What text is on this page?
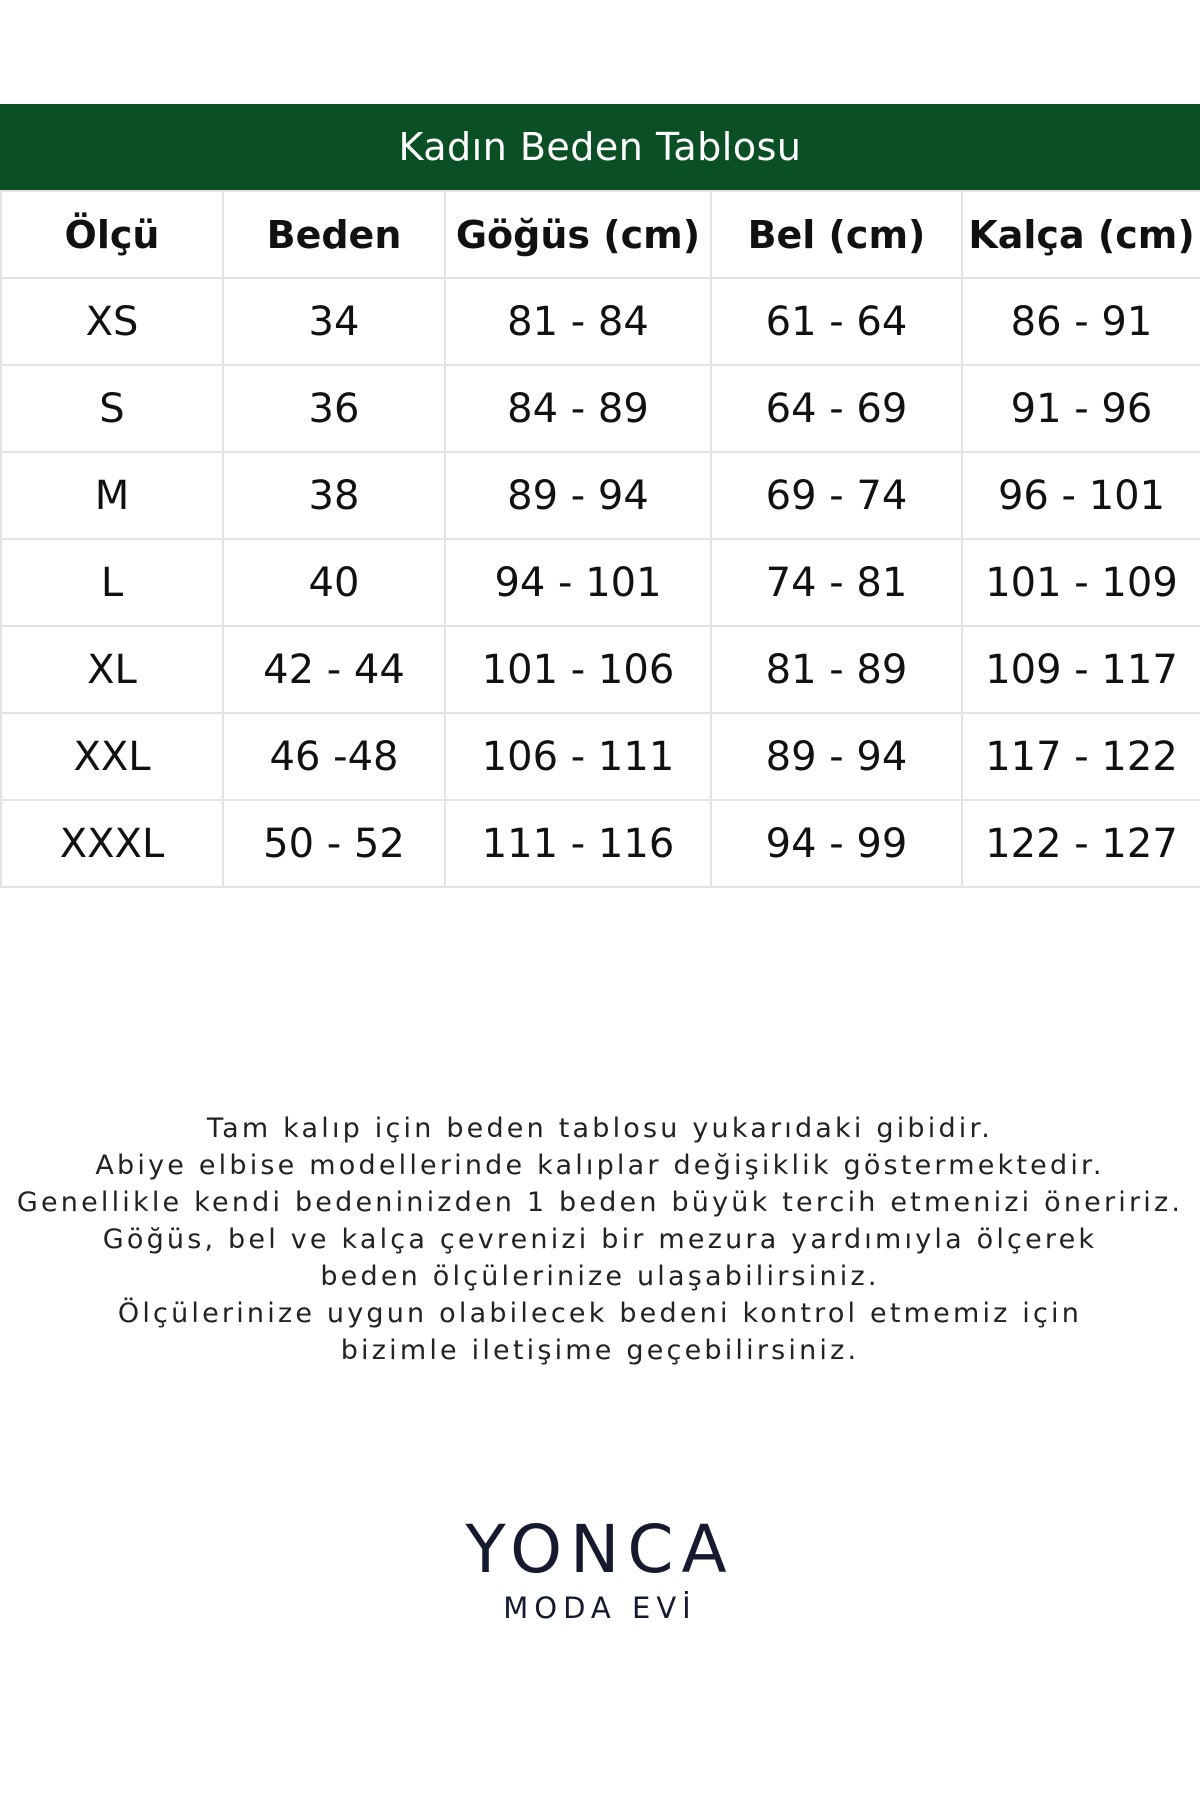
Kadın Beden Tablosu
Ölçü	Beden	Göğüs (cm)	Bel (cm)	Kalça (cm)
XS	34	81 - 84	61 - 64	86 - 91
S	36	84 - 89	64 - 69	91 - 96
M	38	89 - 94	69 - 74	96 - 101
L	40	94 - 101	74 - 81	101 - 109
XL	42 - 44	101 - 106	81 - 89	109 - 117
XXL	46 -48	106 - 111	89 - 94	117 - 122
XXXL	50 - 52	111 - 116	94 - 99	122 - 127
Tam kalıp için beden tablosu yukarıdaki gibidir.
Abiye elbise modellerinde kalıplar değişiklik göstermektedir.
Genellikle kendi bedeninizden 1 beden büyük tercih etmenizi öneririz.
Göğüs, bel ve kalça çevrenizi bir mezura yardımıyla ölçerek
beden ölçülerinize ulaşabilirsiniz.
Ölçülerinize uygun olabilecek bedeni kontrol etmemiz için
bizimle iletişime geçebilirsiniz.
YONCA
MODA EVİ
